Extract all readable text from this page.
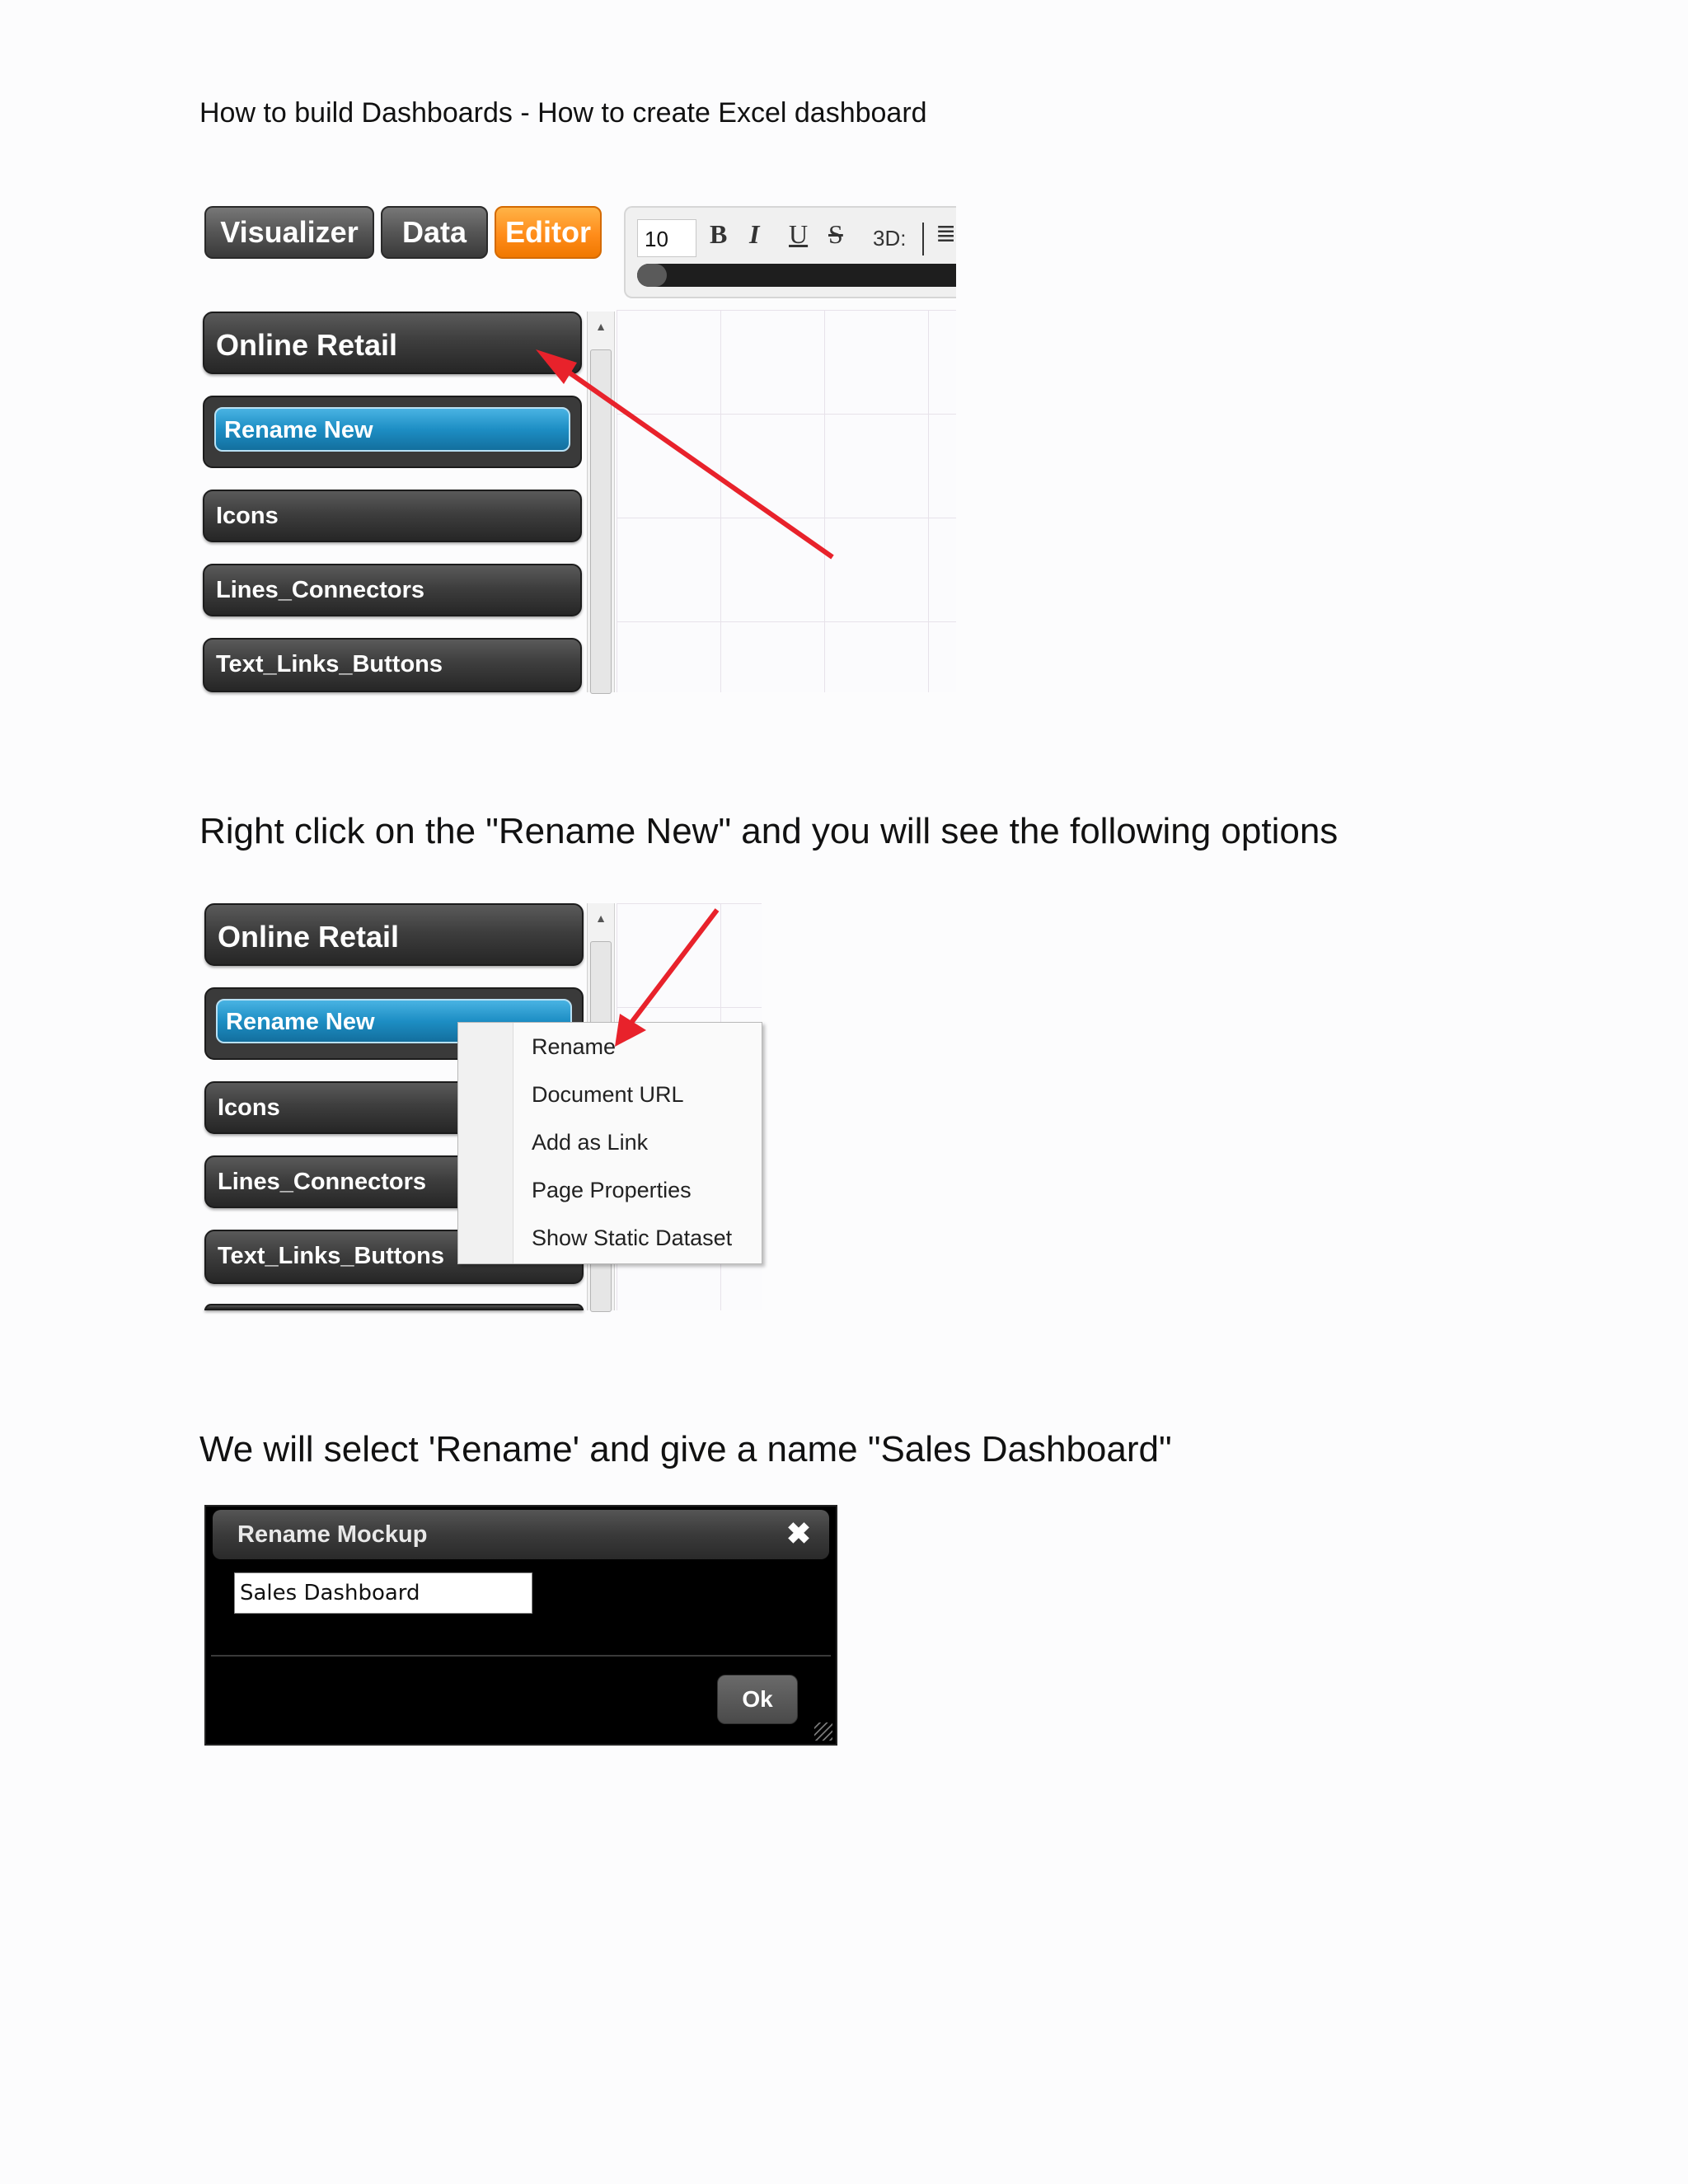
How to build Dashboards - How to create Excel dashboard
Visualizer	Data	Editor	10	B I U S 3D: ≣
Online Retail
Rename New
Icons
Lines_Connectors
Text_Links_Buttons
▲
Right click on the "Rename New" and you will see the following options
Online Retail
Rename New
Icons
Lines_Connectors
Text_Links_Buttons
▲
Rename
Document URL
Add as Link
Page Properties
Show Static Dataset
We will select 'Rename' and give a name "Sales Dashboard"
Rename Mockup	✖
Sales Dashboard
Ok
